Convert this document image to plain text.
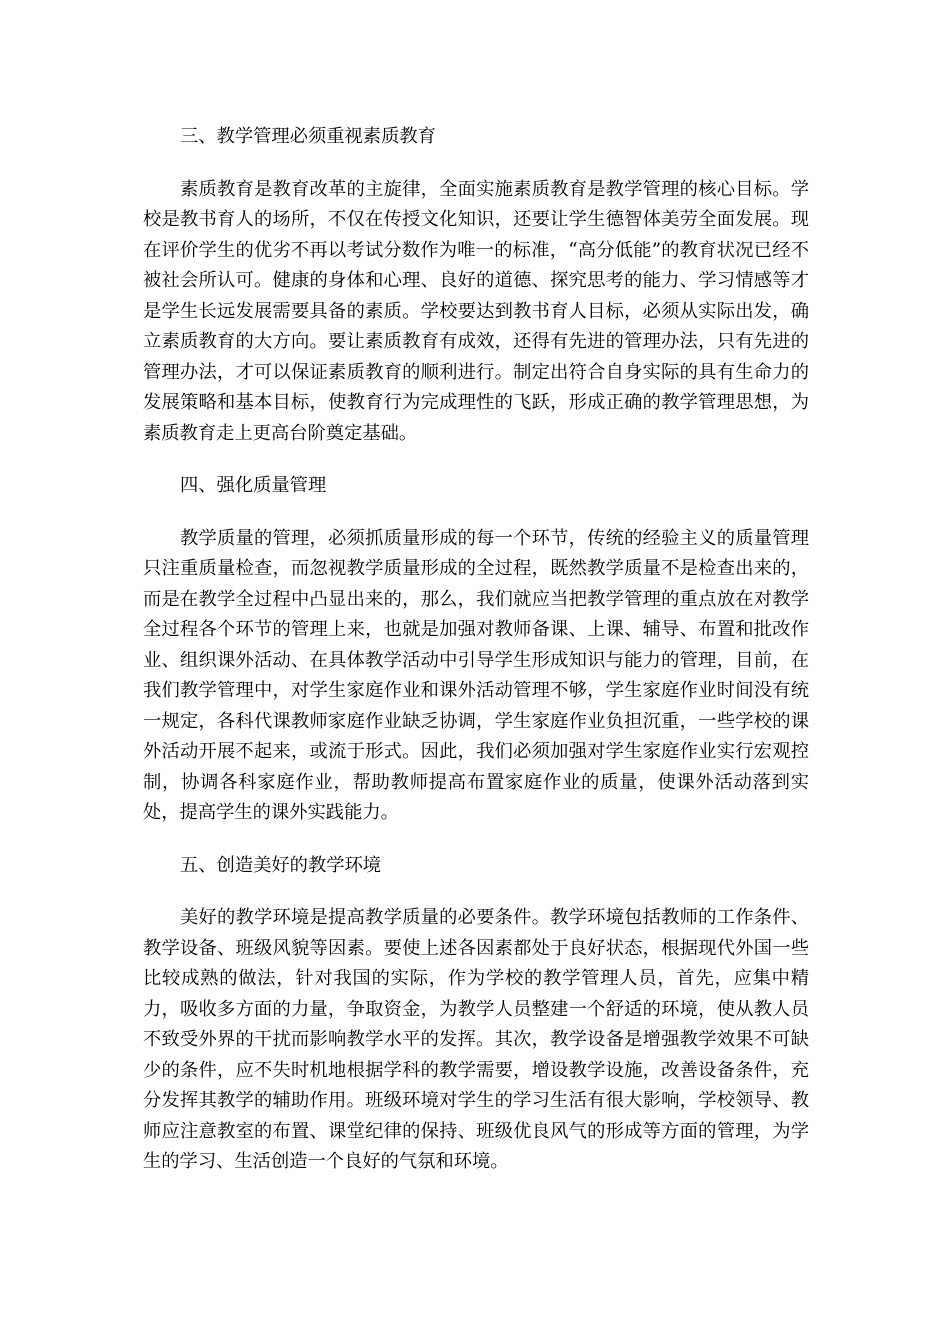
三、教学管理必须重视素质教育

素质教育是教育改革的主旋律，全面实施素质教育是教学管理的核心目标。学校是教书育人的场所，不仅在传授文化知识，还要让学生德智体美劳全面发展。现在评价学生的优劣不再以考试分数作为唯一的标准，“高分低能”的教育状况已经不被社会所认可。健康的身体和心理、良好的道德、探究思考的能力、学习情感等才是学生长远发展需要具备的素质。学校要达到教书育人目标，必须从实际出发，确立素质教育的大方向。要让素质教育有成效，还得有先进的管理办法，只有先进的管理办法，才可以保证素质教育的顺利进行。制定出符合自身实际的具有生命力的发展策略和基本目标，使教育行为完成理性的飞跃，形成正确的教学管理思想，为素质教育走上更高台阶奠定基础。

四、强化质量管理

教学质量的管理，必须抓质量形成的每一个环节，传统的经验主义的质量管理只注重质量检查，而忽视教学质量形成的全过程，既然教学质量不是检查出来的，而是在教学全过程中凸显出来的，那么，我们就应当把教学管理的重点放在对教学全过程各个环节的管理上来，也就是加强对教师备课、上课、辅导、布置和批改作业、组织课外活动、在具体教学活动中引导学生形成知识与能力的管理，目前，在我们教学管理中，对学生家庭作业和课外活动管理不够，学生家庭作业时间没有统一规定，各科代课教师家庭作业缺乏协调，学生家庭作业负担沉重，一些学校的课外活动开展不起来，或流于形式。因此，我们必须加强对学生家庭作业实行宏观控制，协调各科家庭作业，帮助教师提高布置家庭作业的质量，使课外活动落到实处，提高学生的课外实践能力。

五、创造美好的教学环境

美好的教学环境是提高教学质量的必要条件。教学环境包括教师的工作条件、教学设备、班级风貌等因素。要使上述各因素都处于良好状态，根据现代外国一些比较成熟的做法，针对我国的实际，作为学校的教学管理人员，首先，应集中精力，吸收多方面的力量，争取资金，为教学人员整建一个舒适的环境，使从教人员不致受外界的干扰而影响教学水平的发挥。其次，教学设备是增强教学效果不可缺少的条件，应不失时机地根据学科的教学需要，增设教学设施，改善设备条件，充分发挥其教学的辅助作用。班级环境对学生的学习生活有很大影响，学校领导、教师应注意教室的布置、课堂纪律的保持、班级优良风气的形成等方面的管理，为学生的学习、生活创造一个良好的气氛和环境。
